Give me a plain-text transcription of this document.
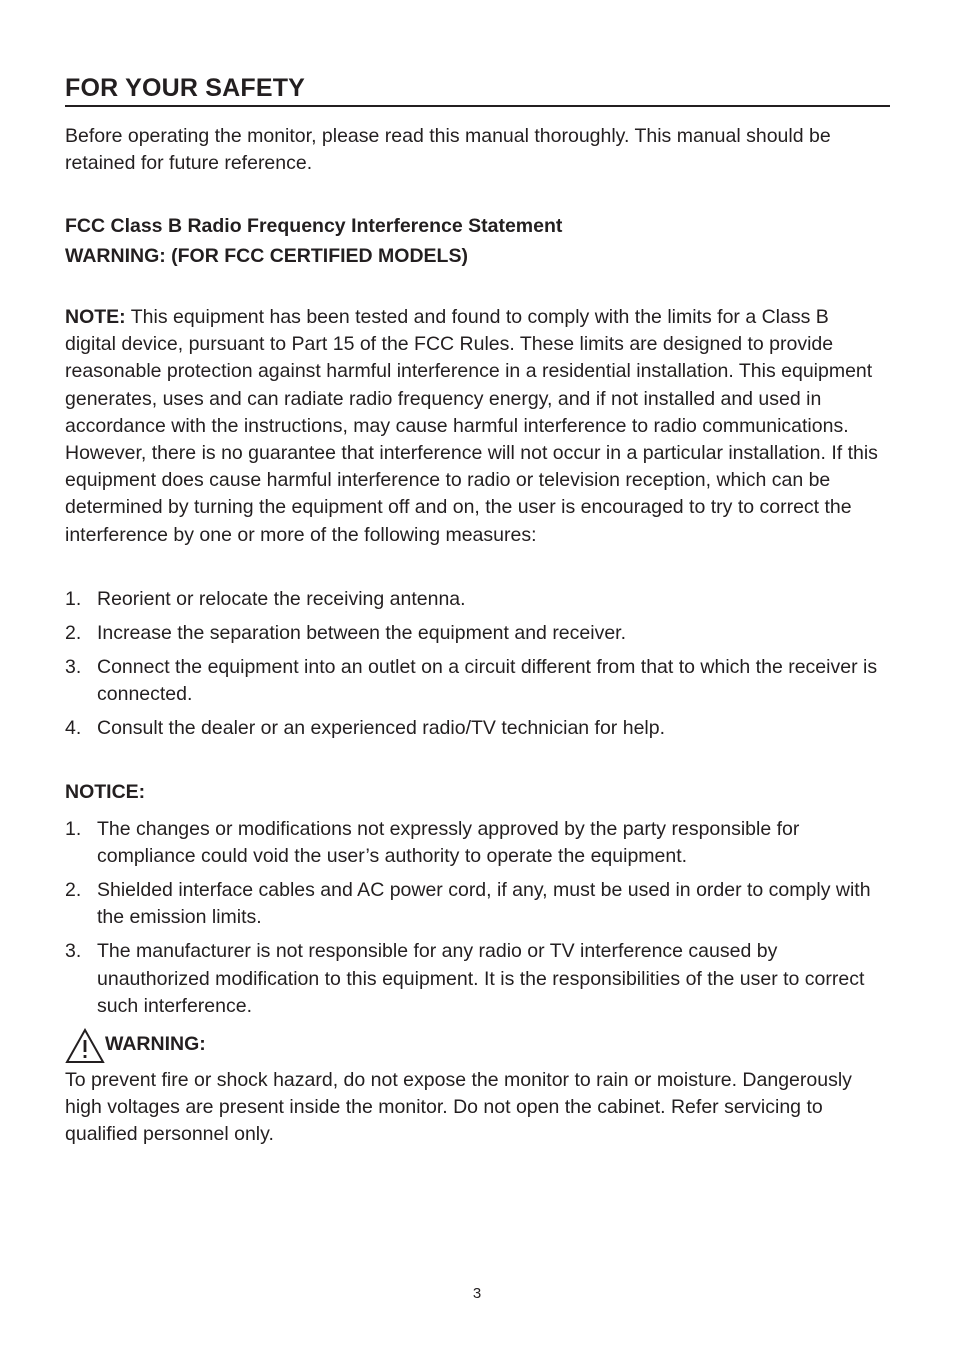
FOR YOUR SAFETY
Before operating the monitor, please read this manual thoroughly. This manual should be retained for future reference.
FCC Class B Radio Frequency Interference Statement
WARNING: (FOR FCC CERTIFIED MODELS)
NOTE: This equipment has been tested and found to comply with the limits for a Class B digital device, pursuant to Part 15 of the FCC Rules. These limits are designed to provide reasonable protection against harmful interference in a residential installation. This equipment generates, uses and can radiate radio frequency energy, and if not installed and used in accordance with the instructions, may cause harmful interference to radio communications. However, there is no guarantee that interference will not occur in a particular installation. If this equipment does cause harmful interference to radio or television reception, which can be determined by turning the equipment off and on, the user is encouraged to try to correct the interference by one or more of the following measures:
1. Reorient or relocate the receiving antenna.
2. Increase the separation between the equipment and receiver.
3. Connect the equipment into an outlet on a circuit different from that to which the receiver is connected.
4. Consult the dealer or an experienced radio/TV technician for help.
NOTICE:
1. The changes or modifications not expressly approved by the party responsible for compliance could void the user’s authority to operate the equipment.
2. Shielded interface cables and AC power cord, if any, must be used in order to comply with the emission limits.
3. The manufacturer is not responsible for any radio or TV interference caused by unauthorized modification to this equipment. It is the responsibilities of the user to correct such interference.
WARNING:
To prevent fire or shock hazard, do not expose the monitor to rain or moisture. Dangerously high voltages are present inside the monitor. Do not open the cabinet. Refer servicing to qualified personnel only.
3
